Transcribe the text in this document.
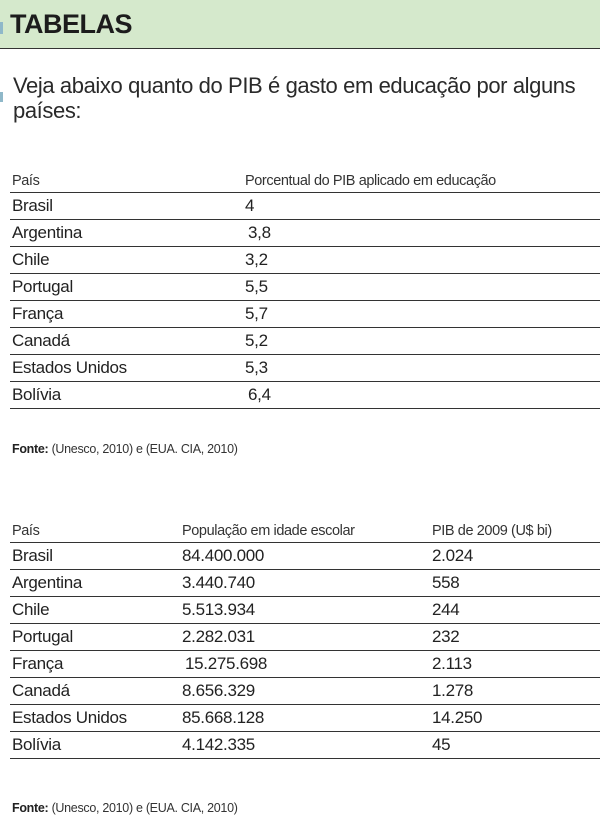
TABELAS
Veja abaixo quanto do PIB é gasto em educação por alguns países:
País	Porcentual do PIB aplicado em educação
Brasil	4
Argentina	3,8
Chile	3,2
Portugal	5,5
França	5,7
Canadá	5,2
Estados Unidos	5,3
Bolívia	6,4
Fonte: (Unesco, 2010) e (EUA. CIA, 2010)
País	População em idade escolar	PIB de 2009 (U$ bi)
Brasil	84.400.000	2.024
Argentina	3.440.740	558
Chile	5.513.934	244
Portugal	2.282.031	232
França	15.275.698	2.113
Canadá	8.656.329	1.278
Estados Unidos	85.668.128	14.250
Bolívia	4.142.335	45
Fonte: (Unesco, 2010) e (EUA. CIA, 2010)
